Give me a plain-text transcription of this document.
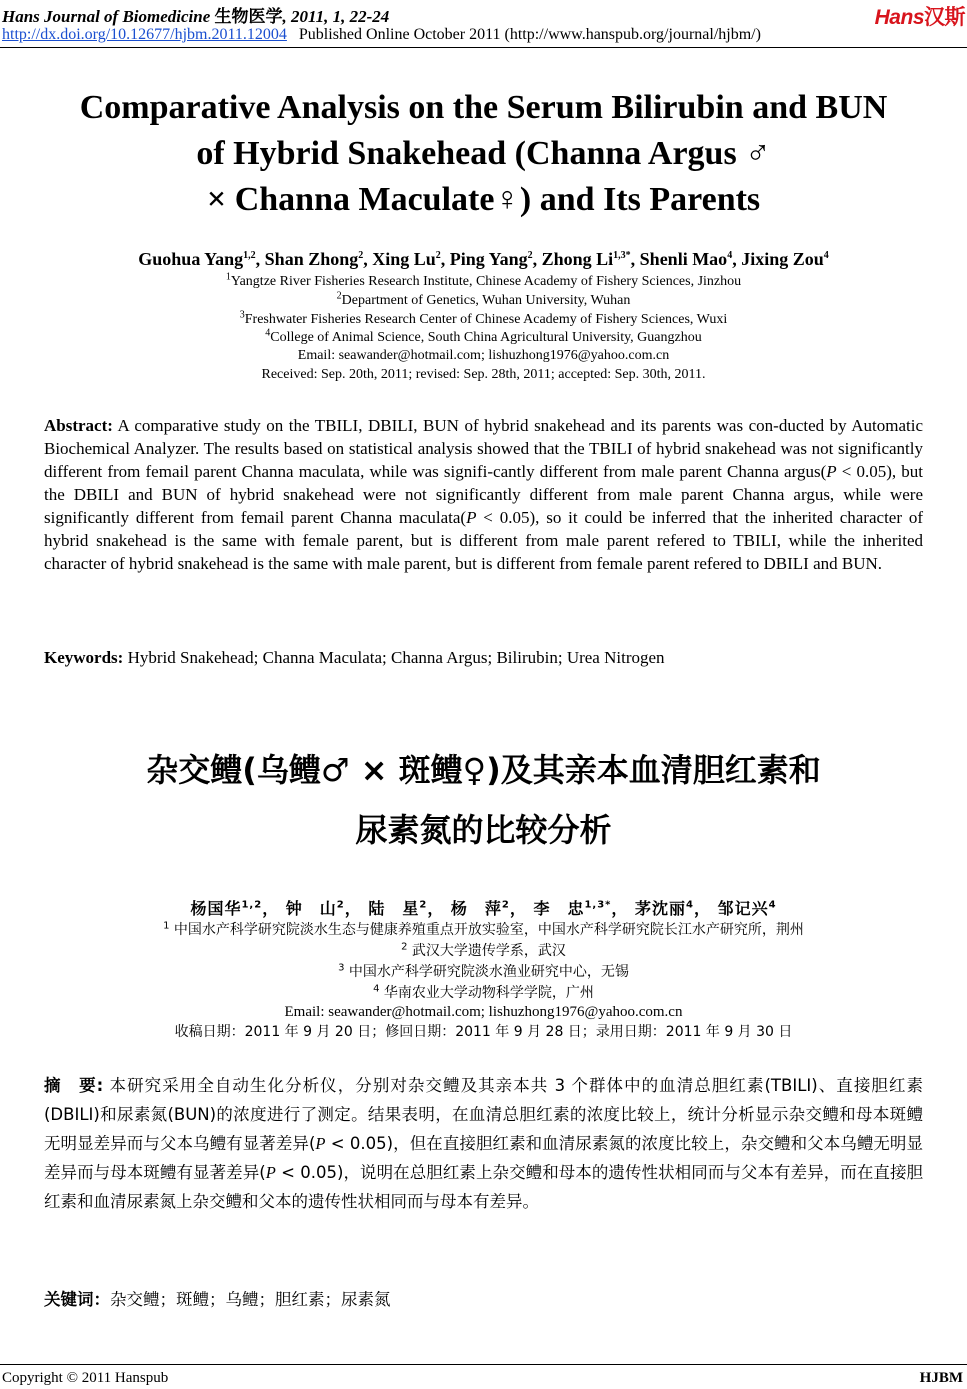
Hans Journal of Biomedicine 生物医学, 2011, 1, 22-24	Hans汉斯
http://dx.doi.org/10.12677/hjbm.2011.12004 Published Online October 2011 (http://www.hanspub.org/journal/hjbm/)
Comparative Analysis on the Serum Bilirubin and BUN
of Hybrid Snakehead (Channa Argus ♂
× Channa Maculate♀) and Its Parents
Guohua Yang$^{1,2}$, Shan Zhong$^2$, Xing Lu$^2$, Ping Yang$^2$, Zhong $Li^{1,3*}$, Shenli Mao$^4$, Jixing Zou$^4$
$^1$Yangtze River Fisheries Research Institute, Chinese Academy of Fishery Sciences, Jinzhou
$^2$Department of Genetics, Wuhan University, Wuhan
$^3$Freshwater Fisheries Research Center of Chinese Academy of Fishery Sciences, Wuxi
$^4$College of Animal Science, South China Agricultural University, Guangzhou
Email: seawander@hotmail.com; lishuzhong1976@yahoo.com.cn
Received: Sep. 20th, 2011; revised: Sep. 28th, 2011; accepted: Sep. 30th, 2011.
Abstract: A comparative study on the TBILI, DBILI, BUN of hybrid snakehead and its parents was con-ducted by Automatic Biochemical Analyzer. The results based on statistical analysis showed that the TBILI of hybrid snakehead was not significantly different from femail parent Channa maculata, while was signifi-cantly different from male parent Channa argus(P < 0.05), but the DBILI and BUN of hybrid snakehead were not significantly different from male parent Channa argus, while were significantly different from femail parent Channa maculata(P < 0.05), so it could be inferred that the inherited character of hybrid snakehead is the same with female parent, but is different from male parent refered to TBILI, while the inherited character of hybrid snakehead is the same with male parent, but is different from female parent refered to DBILI and BUN.
Keywords: Hybrid Snakehead; Channa Maculata; Channa Argus; Bilirubin; Urea Nitrogen
杂交鳢(乌鳢♂ × 斑鳢♀)及其亲本血清胆红素和
尿素氮的比较分析
杨国华$^{1,2}$， 钟　山$^2$， 陆　星$^2$， 杨　萍$^2$， 李　忠$^{1,3*}$， 茅沈丽$^4$， 邹记兴$^4$
$^1$ 中国水产科学研究院淡水生态与健康养殖重点开放实验室，中国水产科学研究院长江水产研究所，荆州
$^2$ 武汉大学遗传学系，武汉
$^3$ 中国水产科学研究院淡水渔业研究中心，无锡
$^4$ 华南农业大学动物科学学院，广州
Email: seawander@hotmail.com; lishuzhong1976@yahoo.com.cn
收稿日期：2011 年 9 月 20 日；修回日期：2011 年 9 月 28 日；录用日期：2011 年 9 月 30 日
摘　要: 本研究采用全自动生化分析仪，分别对杂交鳢及其亲本共 3 个群体中的血清总胆红素(TBILI)、直接胆红素(DBILI)和尿素氮(BUN)的浓度进行了测定。结果表明，在血清总胆红素的浓度比较上，统计分析显示杂交鳢和母本斑鳢无明显差异而与父本乌鳢有显著差异(P < 0.05)，但在直接胆红素和血清尿素氮的浓度比较上，杂交鳢和父本乌鳢无明显差异而与母本斑鳢有显著差异(P < 0.05)，说明在总胆红素上杂交鳢和母本的遗传性状相同而与父本有差异，而在直接胆红素和血清尿素氮上杂交鳢和父本的遗传性状相同而与母本有差异。
关键词：杂交鳢；斑鳢；乌鳢；胆红素；尿素氮
Copyright © 2011 Hanspub	HJBM
